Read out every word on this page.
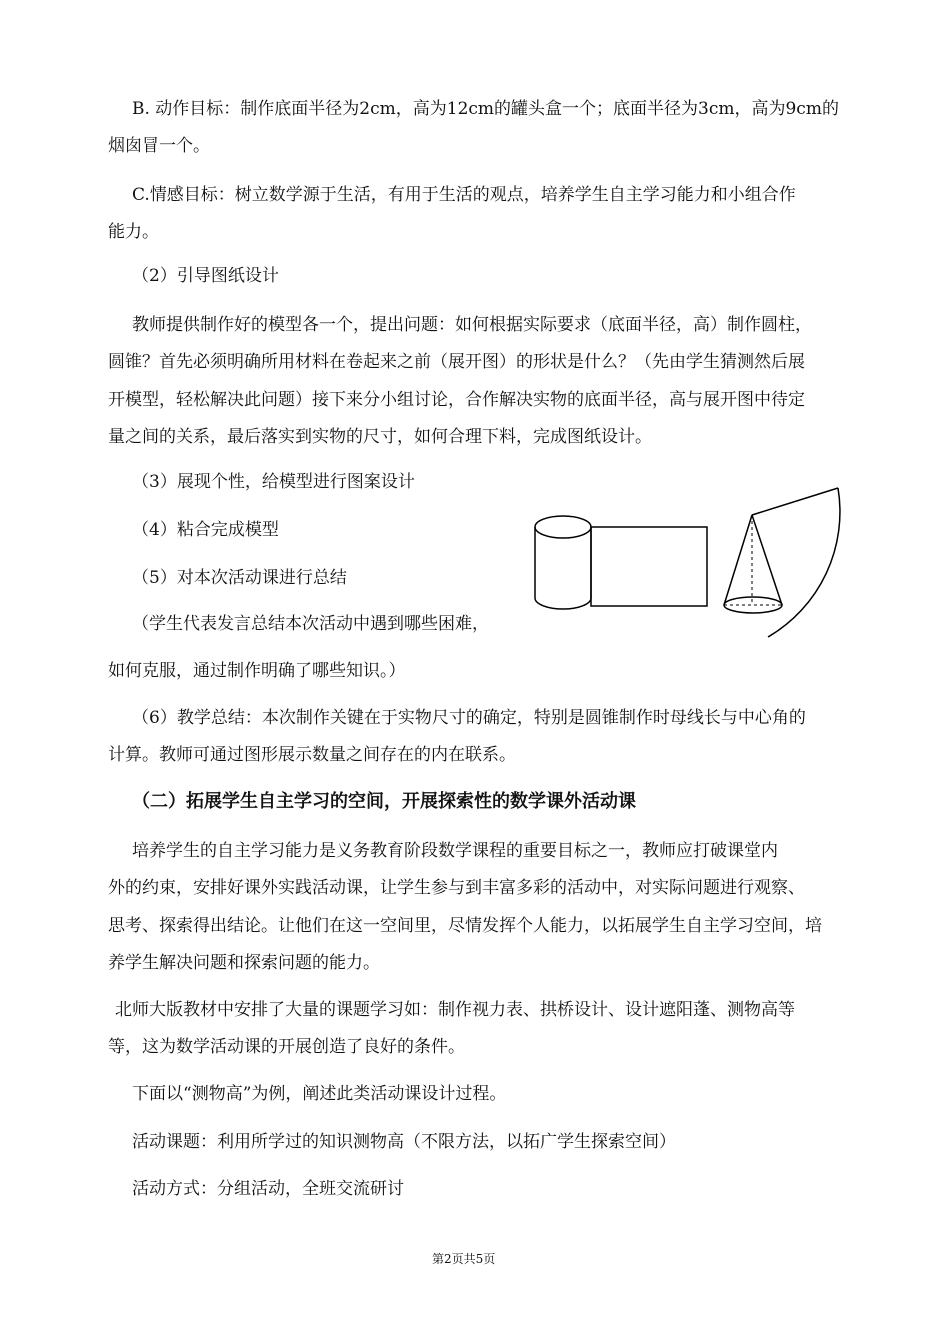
B. 动作目标：制作底面半径为2cm，高为12cm的罐头盒一个；底面半径为3cm，高为9cm的

烟囱冒一个。

C.情感目标：树立数学源于生活，有用于生活的观点，培养学生自主学习能力和小组合作

能力。

（2）引导图纸设计

教师提供制作好的模型各一个，提出问题：如何根据实际要求（底面半径，高）制作圆柱，

圆锥？首先必须明确所用材料在卷起来之前（展开图）的形状是什么？（先由学生猜测然后展

开模型，轻松解决此问题）接下来分小组讨论，合作解决实物的底面半径，高与展开图中待定

量之间的关系，最后落实到实物的尺寸，如何合理下料，完成图纸设计。

（3）展现个性，给模型进行图案设计

（4）粘合完成模型

（5）对本次活动课进行总结

（学生代表发言总结本次活动中遇到哪些困难，

如何克服，通过制作明确了哪些知识。）

（6）教学总结：本次制作关键在于实物尺寸的确定，特别是圆锥制作时母线长与中心角的

计算。教师可通过图形展示数量之间存在的内在联系。

（二）拓展学生自主学习的空间，开展探索性的数学课外活动课

培养学生的自主学习能力是义务教育阶段数学课程的重要目标之一，教师应打破课堂内

外的约束，安排好课外实践活动课，让学生参与到丰富多彩的活动中，对实际问题进行观察、

思考、探索得出结论。让他们在这一空间里，尽情发挥个人能力，以拓展学生自主学习空间，培

养学生解决问题和探索问题的能力。

北师大版教材中安排了大量的课题学习如：制作视力表、拱桥设计、设计遮阳蓬、测物高等

等，这为数学活动课的开展创造了良好的条件。

下面以“测物高”为例，阐述此类活动课设计过程。

活动课题：利用所学过的知识测物高（不限方法，以拓广学生探索空间）

活动方式：分组活动，全班交流研讨

第2页共5页
